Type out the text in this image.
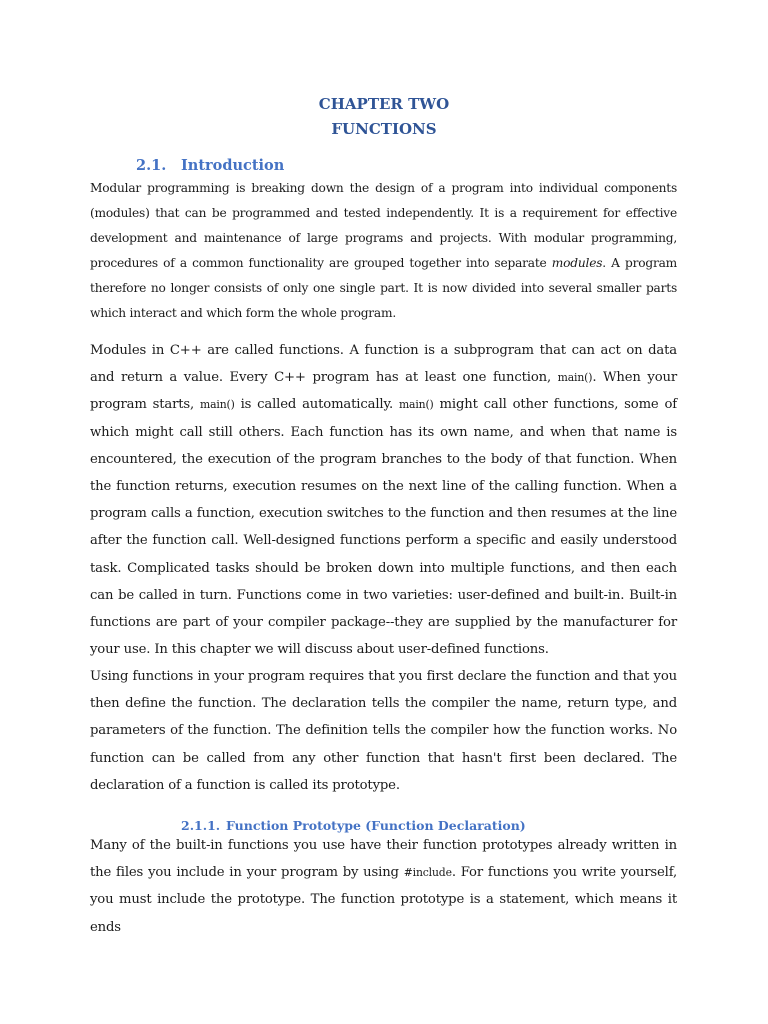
CHAPTER TWO
FUNCTIONS
2.1. Introduction
Modular programming is breaking down the design of a program into individual components (modules) that can be programmed and tested independently. It is a requirement for effective development and maintenance of large programs and projects. With modular programming, procedures of a common functionality are grouped together into separate modules. A program therefore no longer consists of only one single part. It is now divided into several smaller parts which interact and which form the whole program.
Modules in C++ are called functions. A function is a subprogram that can act on data and return a value. Every C++ program has at least one function, main(). When your program starts, main() is called automatically. main() might call other functions, some of which might call still others. Each function has its own name, and when that name is encountered, the execution of the program branches to the body of that function. When the function returns, execution resumes on the next line of the calling function. When a program calls a function, execution switches to the function and then resumes at the line after the function call. Well-designed functions perform a specific and easily understood task. Complicated tasks should be broken down into multiple functions, and then each can be called in turn. Functions come in two varieties: user-defined and built-in. Built-in functions are part of your compiler package--they are supplied by the manufacturer for your use. In this chapter we will discuss about user-defined functions.
Using functions in your program requires that you first declare the function and that you then define the function. The declaration tells the compiler the name, return type, and parameters of the function. The definition tells the compiler how the function works. No function can be called from any other function that hasn't first been declared. The declaration of a function is called its prototype.
2.1.1. Function Prototype (Function Declaration)
Many of the built-in functions you use have their function prototypes already written in the files you include in your program by using #include. For functions you write yourself, you must include the prototype. The function prototype is a statement, which means it ends
